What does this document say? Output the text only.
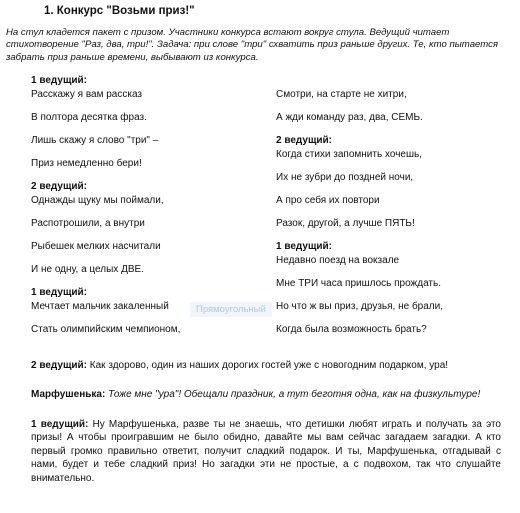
1. Конкурс "Возьми приз!"
На стул кладется пакет с призом. Участники конкурса встают вокруг стула. Ведущий читает стихотворение "Раз, два, три!". Задача: при слове "три" схватить приз раньше других. Те, кто пытается забрать приз раньше времени, выбывают из конкурса.
1 ведущий:
Расскажу я вам рассказ
В полтора десятка фраз.
Лишь скажу я слово "три" –
Приз немедленно бери!
2 ведущий:
Однажды щуку мы поймали,
Распотрошили, а внутри
Рыбешек мелких насчитали
И не одну, а целых ДВЕ.
1 ведущий:
Мечтает мальчик закаленный
Стать олимпийским чемпионом,
Смотри, на старте не хитри,
А жди команду раз, два, СЕМЬ.
2 ведущий:
Когда стихи запомнить хочешь,
Их не зубри до поздней ночи,
А про себя их повтори
Разок, другой, а лучше ПЯТЬ!
1 ведущий:
Недавно поезд на вокзале
Мне ТРИ часа пришлось прождать.
Но что ж вы приз, друзья, не брали,
Когда была возможность брать?
Прямоугольный
2 ведущий: Как здорово, один из наших дорогих гостей уже с новогодним подарком, ура!
Марфушенька: Тоже мне "ура"! Обещали праздник, а тут беготня одна, как на физкультуре!
1 ведущий: Ну Марфушенька, разве ты не знаешь, что детишки любят играть и получать за это призы! А чтобы проигравшим не было обидно, давайте мы вам сейчас загадаем загадки. А кто первый громко правильно ответит, получит сладкий подарок. И ты, Марфушенька, отгадывай с нами, будет и тебе сладкий приз! Но загадки эти не простые, а с подвохом, так что слушайте внимательно.
